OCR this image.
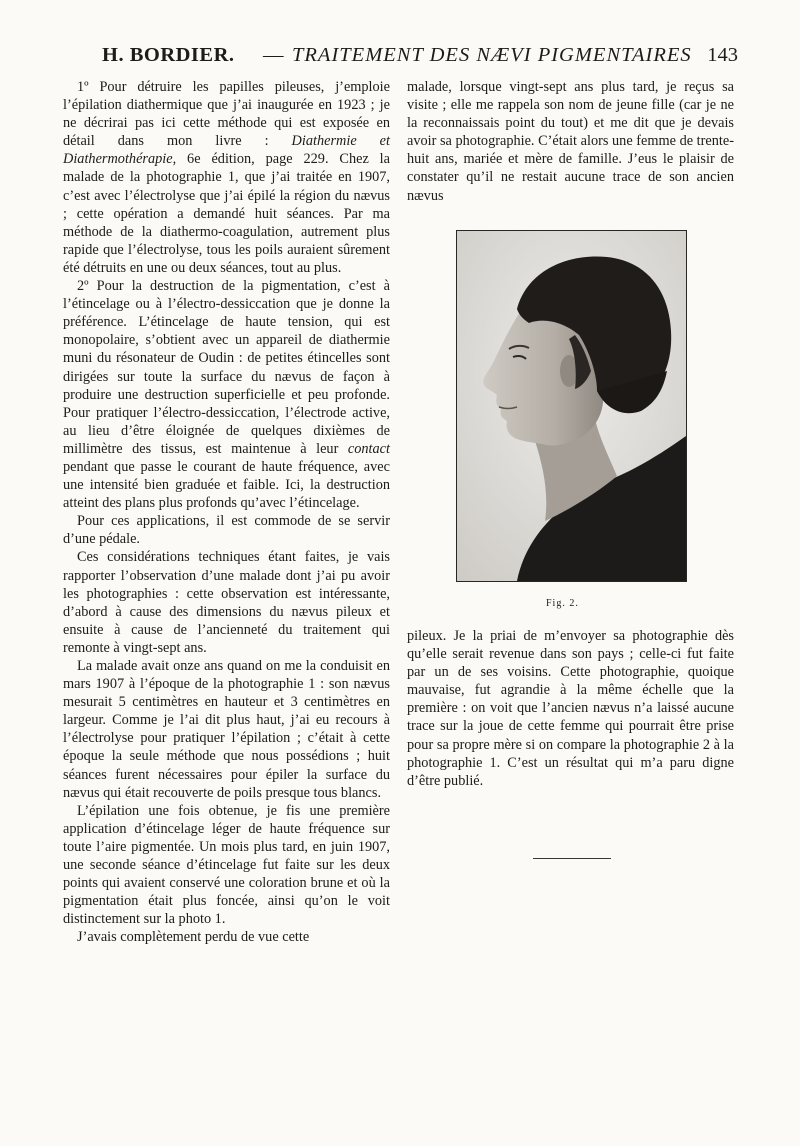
H. BORDIER. — TRAITEMENT DES NÆVI PIGMENTAIRES 143

1º Pour détruire les papilles pileuses, j’emploie l’épilation diathermique que j’ai inaugurée en 1923 ; je ne décrirai pas ici cette méthode qui est exposée en détail dans mon livre : Diathermie et Diathermothérapie, 6e édition, page 229. Chez la malade de la photographie 1, que j’ai traitée en 1907, c’est avec l’électrolyse que j’ai épilé la région du nævus ; cette opération a demandé huit séances. Par ma méthode de la diathermo-coagulation, autrement plus rapide que l’électrolyse, tous les poils auraient sûrement été détruits en une ou deux séances, tout au plus.

2º Pour la destruction de la pigmentation, c’est à l’étincelage ou à l’électro-dessiccation que je donne la préférence. L’étincelage de haute tension, qui est monopolaire, s’obtient avec un appareil de diathermie muni du résonateur de Oudin : de petites étincelles sont dirigées sur toute la surface du nævus de façon à produire une destruction superficielle et peu profonde. Pour pratiquer l’électro-dessiccation, l’électrode active, au lieu d’être éloignée de quelques dixièmes de millimètre des tissus, est maintenue à leur contact pendant que passe le courant de haute fréquence, avec une intensité bien graduée et faible. Ici, la destruction atteint des plans plus profonds qu’avec l’étincelage.

Pour ces applications, il est commode de se servir d’une pédale.

Ces considérations techniques étant faites, je vais rapporter l’observation d’une malade dont j’ai pu avoir les photographies : cette observation est intéressante, d’abord à cause des dimensions du nævus pileux et ensuite à cause de l’ancienneté du traitement qui remonte à vingt-sept ans.

La malade avait onze ans quand on me la conduisit en mars 1907 à l’époque de la photographie 1 : son nævus mesurait 5 centimètres en hauteur et 3 centimètres en largeur. Comme je l’ai dit plus haut, j’ai eu recours à l’électrolyse pour pratiquer l’épilation ; c’était à cette époque la seule méthode que nous possédions ; huit séances furent nécessaires pour épiler la surface du nævus qui était recouverte de poils presque tous blancs.

L’épilation une fois obtenue, je fis une première application d’étincelage léger de haute fréquence sur toute l’aire pigmentée. Un mois plus tard, en juin 1907, une seconde séance d’étincelage fut faite sur les deux points qui avaient conservé une coloration brune et où la pigmentation était plus foncée, ainsi qu’on le voit distinctement sur la photo 1.

J’avais complètement perdu de vue cette

malade, lorsque vingt-sept ans plus tard, je reçus sa visite ; elle me rappela son nom de jeune fille (car je ne la reconnaissais point du tout) et me dit que je devais avoir sa photographie. C’était alors une femme de trente-huit ans, mariée et mère de famille. J’eus le plaisir de constater qu’il ne restait aucune trace de son ancien nævus

Fig. 2.

pileux. Je la priai de m’envoyer sa photographie dès qu’elle serait revenue dans son pays ; celle-ci fut faite par un de ses voisins. Cette photographie, quoique mauvaise, fut agrandie à la même échelle que la première : on voit que l’ancien nævus n’a laissé aucune trace sur la joue de cette femme qui pourrait être prise pour sa propre mère si on compare la photographie 2 à la photographie 1. C’est un résultat qui m’a paru digne d’être publié.
